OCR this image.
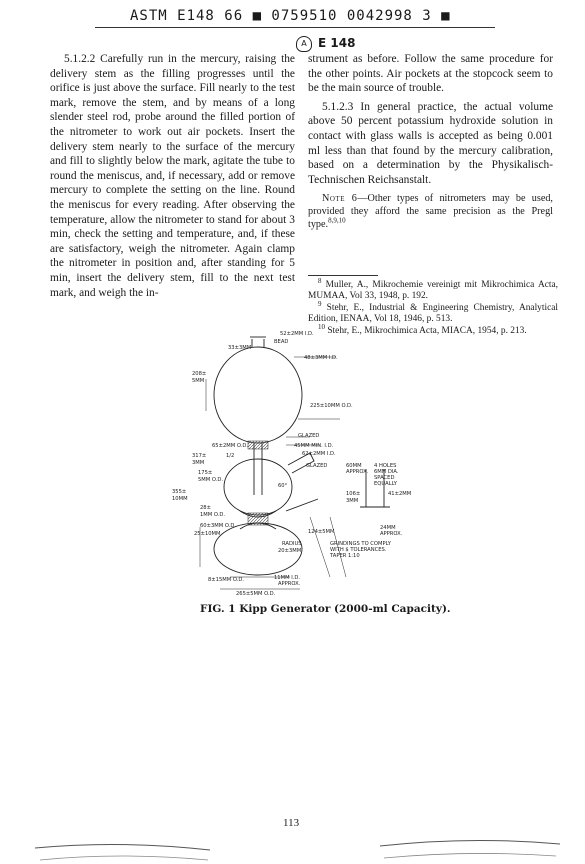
ASTM E148 66 ■ 0759510 0042998 3 ■
A E 148

5.1.2.2 Carefully run in the mercury, raising the delivery stem as the filling progresses until the orifice is just above the surface. Fill nearly to the test mark, remove the stem, and by means of a long slender steel rod, probe around the filled portion of the nitrometer to work out air pockets. Insert the delivery stem nearly to the surface of the mercury and fill to slightly below the mark, agitate the tube to round the meniscus, and, if necessary, add or remove mercury to complete the setting on the line. Round the meniscus for every reading. After observing the temperature, allow the nitrometer to stand for about 3 min, check the setting and temperature, and, if these are satisfactory, weigh the nitrometer. Again clamp the nitrometer in position and, after standing for 5 min, insert the delivery stem, fill to the next test mark, and weigh the in-

strument as before. Follow the same procedure for the other points. Air pockets at the stopcock seem to be the main source of trouble.

5.1.2.3 In general practice, the actual volume above 50 percent potassium hydroxide solution in contact with glass walls is accepted as being 0.001 ml less than that found by the mercury calibration, based on a determination by the Physikalisch-Technischen Reichsanstalt.

Note 6—Other types of nitrometers may be used, provided they afford the same precision as the Pregl type.$^{8,9,10}$
$^8$ Muller, A., Mikrochemie vereinigt mit Mikrochimica Acta, MUMAA, Vol 33, 1948, p. 192.
$^9$ Stehr, E., Industrial & Engineering Chemistry, Analytical Edition, IENAA, Vol 18, 1946, p. 513.
$^{10}$ Stehr, E., Mikrochimica Acta, MIACA, 1954, p. 213.
52±2MM I.D.
BEAD
33±3MM
48±3MM I.D.
208±
5MM
225±10MM O.D.
GLAZED
65±2MM O.D.	45MM MIN. I.D.
317±
3MM
1/2	62±2MM I.D.
GLAZED	60MM
APPROX.
4 HOLES
6MM DIA.
SPACED
EQUALLY
175±
5MM O.D.
355±
10MM
60°
106±
3MM
41±2MM
28±
1MM O.D.
60±3MM O.D.
25±10MM	124±5MM
24MM
APPROX.
RADIUS
20±3MM
GRINDINGS TO COMPLY
WITH $ TOLERANCES.
TAPER 1:10
8±15MM O.D.	11MM I.D.
APPROX.
265±5MM O.D.
FIG. 1 Kipp Generator (2000-ml Capacity).
113
